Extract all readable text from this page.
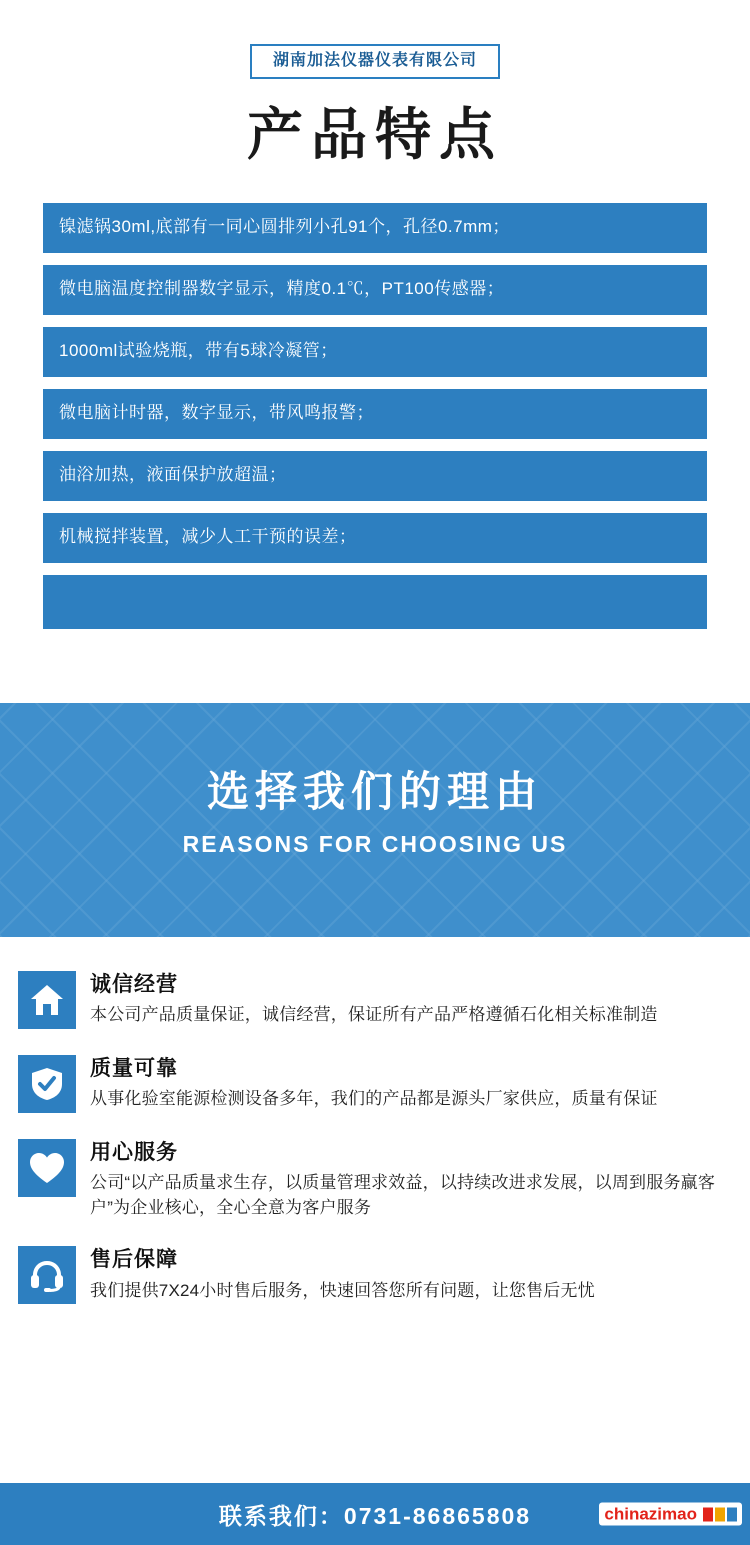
湖南加法仪器仪表有限公司
产品特点
镍滤锅30ml,底部有一同心圆排列小孔91个，孔径0.7mm；
微电脑温度控制器数字显示，精度0.1℃，PT100传感器；
1000ml试验烧瓶，带有5球冷凝管；
微电脑计时器，数字显示，带风鸣报警；
油浴加热，液面保护放超温；
机械搅拌装置，减少人工干预的误差；
选择我们的理由
REASONS FOR CHOOSING US
诚信经营
本公司产品质量保证，诚信经营，保证所有产品严格遵循石化相关标准制造
质量可靠
从事化验室能源检测设备多年，我们的产品都是源头厂家供应，质量有保证
用心服务
公司“以产品质量求生存，以质量管理求效益，以持续改进求发展，以周到服务赢客户”为企业核心，全心全意为客户服务
售后保障
我们提供7X24小时售后服务，快速回答您所有问题，让您售后无忧
联系我们：0731-86865808	chinazimao
